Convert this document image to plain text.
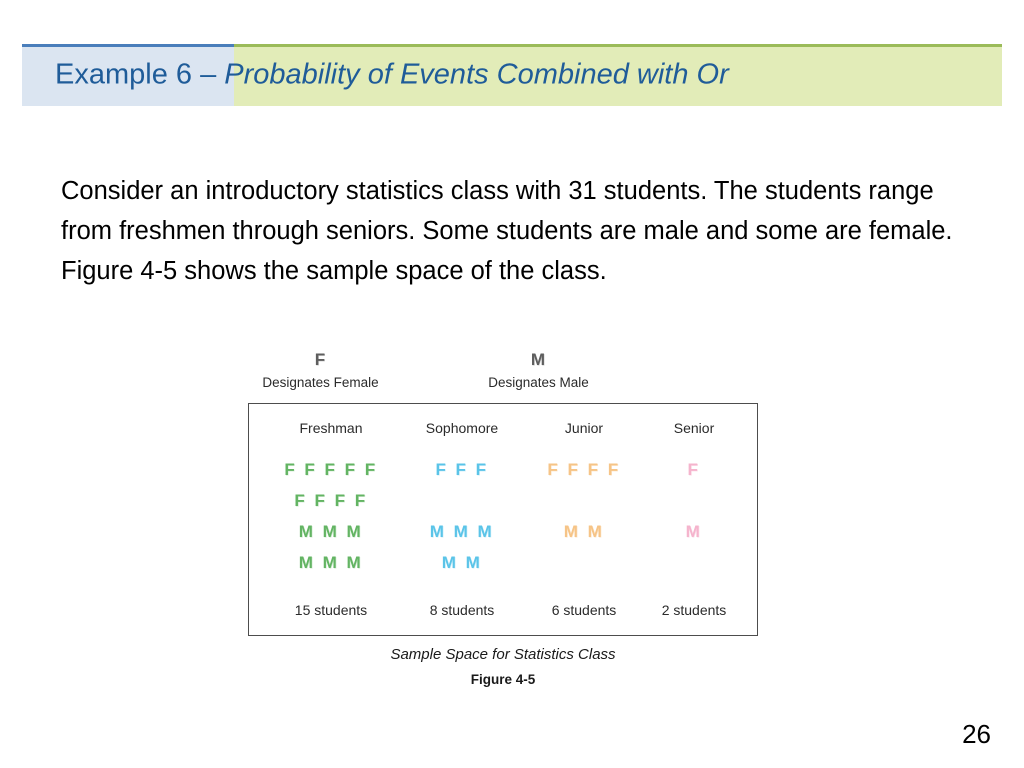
Example 6 – Probability of Events Combined with Or
Consider an introductory statistics class with 31 students. The students range from freshmen through seniors. Some students are male and some are female. Figure 4-5 shows the sample space of the class.
F
Designates Female
M
Designates Male
Freshman
F F F F F
F F F F
M M M
M M M
15 students
Sophomore
F F F
M M M
M M
8 students
Junior
F F F F
M M
6 students
Senior
F
M
2 students
Sample Space for Statistics Class
Figure 4-5
26
